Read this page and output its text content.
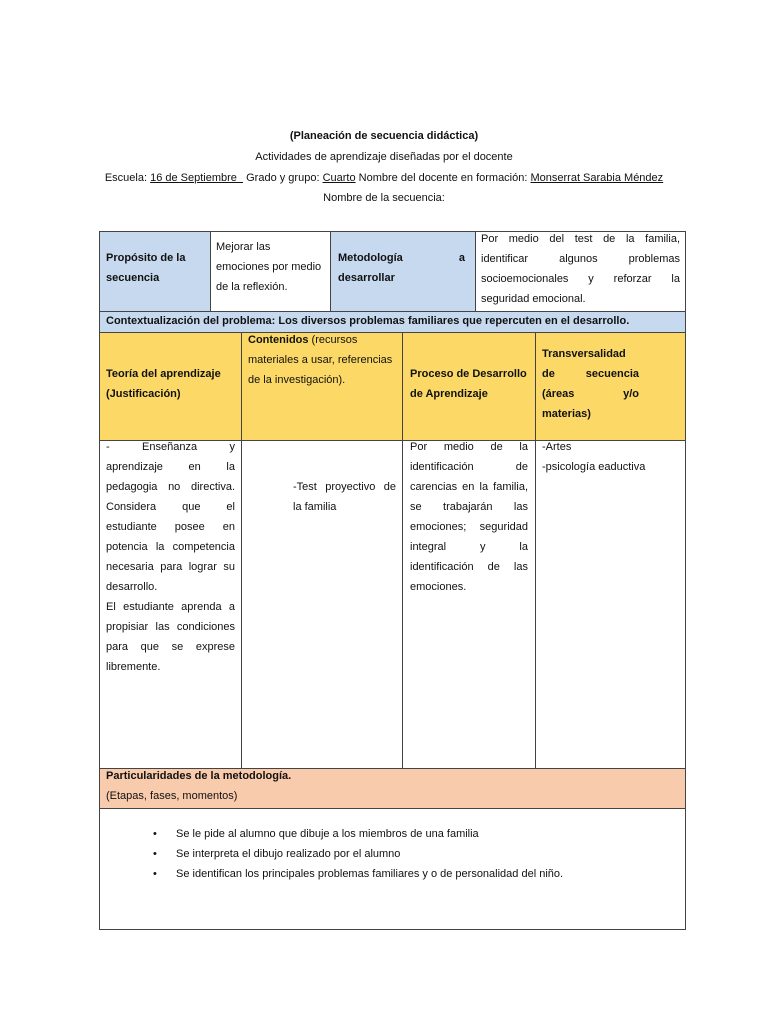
(Planeación de secuencia didáctica)
Actividades de aprendizaje diseñadas por el docente
Escuela: 16 de Septiembre Grado y grupo: Cuarto Nombre del docente en formación: Monserrat Sarabia Méndez
Nombre de la secuencia:
Propósito de la secuencia
Mejorar las emociones por medio de la reflexión.
Metodología a desarrollar
Por medio del test de la familia, identificar algunos problemas socioemocionales y reforzar la seguridad emocional.
Contextualización del problema: Los diversos problemas familiares que repercuten en el desarrollo.
Teoría del aprendizaje (Justificación)
Contenidos (recursos materiales a usar, referencias de la investigación).	Proceso de Desarrollo de Aprendizaje
Transversalidad de secuencia (áreas y/o materias)
- Enseñanza y aprendizaje en la pedagogia no directiva. Considera que el estudiante posee en potencia la competencia necesaria para lograr su desarrollo.
El estudiante aprenda a propisiar las condiciones para que se exprese libremente.
-Test proyectivo de la familia
Por medio de la identificación de carencias en la familia, se trabajarán las emociones; seguridad integral y la identificación de las emociones.
-Artes
-psicología eaductiva
Particularidades de la metodología.
(Etapas, fases, momentos)
• Se le pide al alumno que dibuje a los miembros de una familia
• Se interpreta el dibujo realizado por el alumno
• Se identifican los principales problemas familiares y o de personalidad del niño.
